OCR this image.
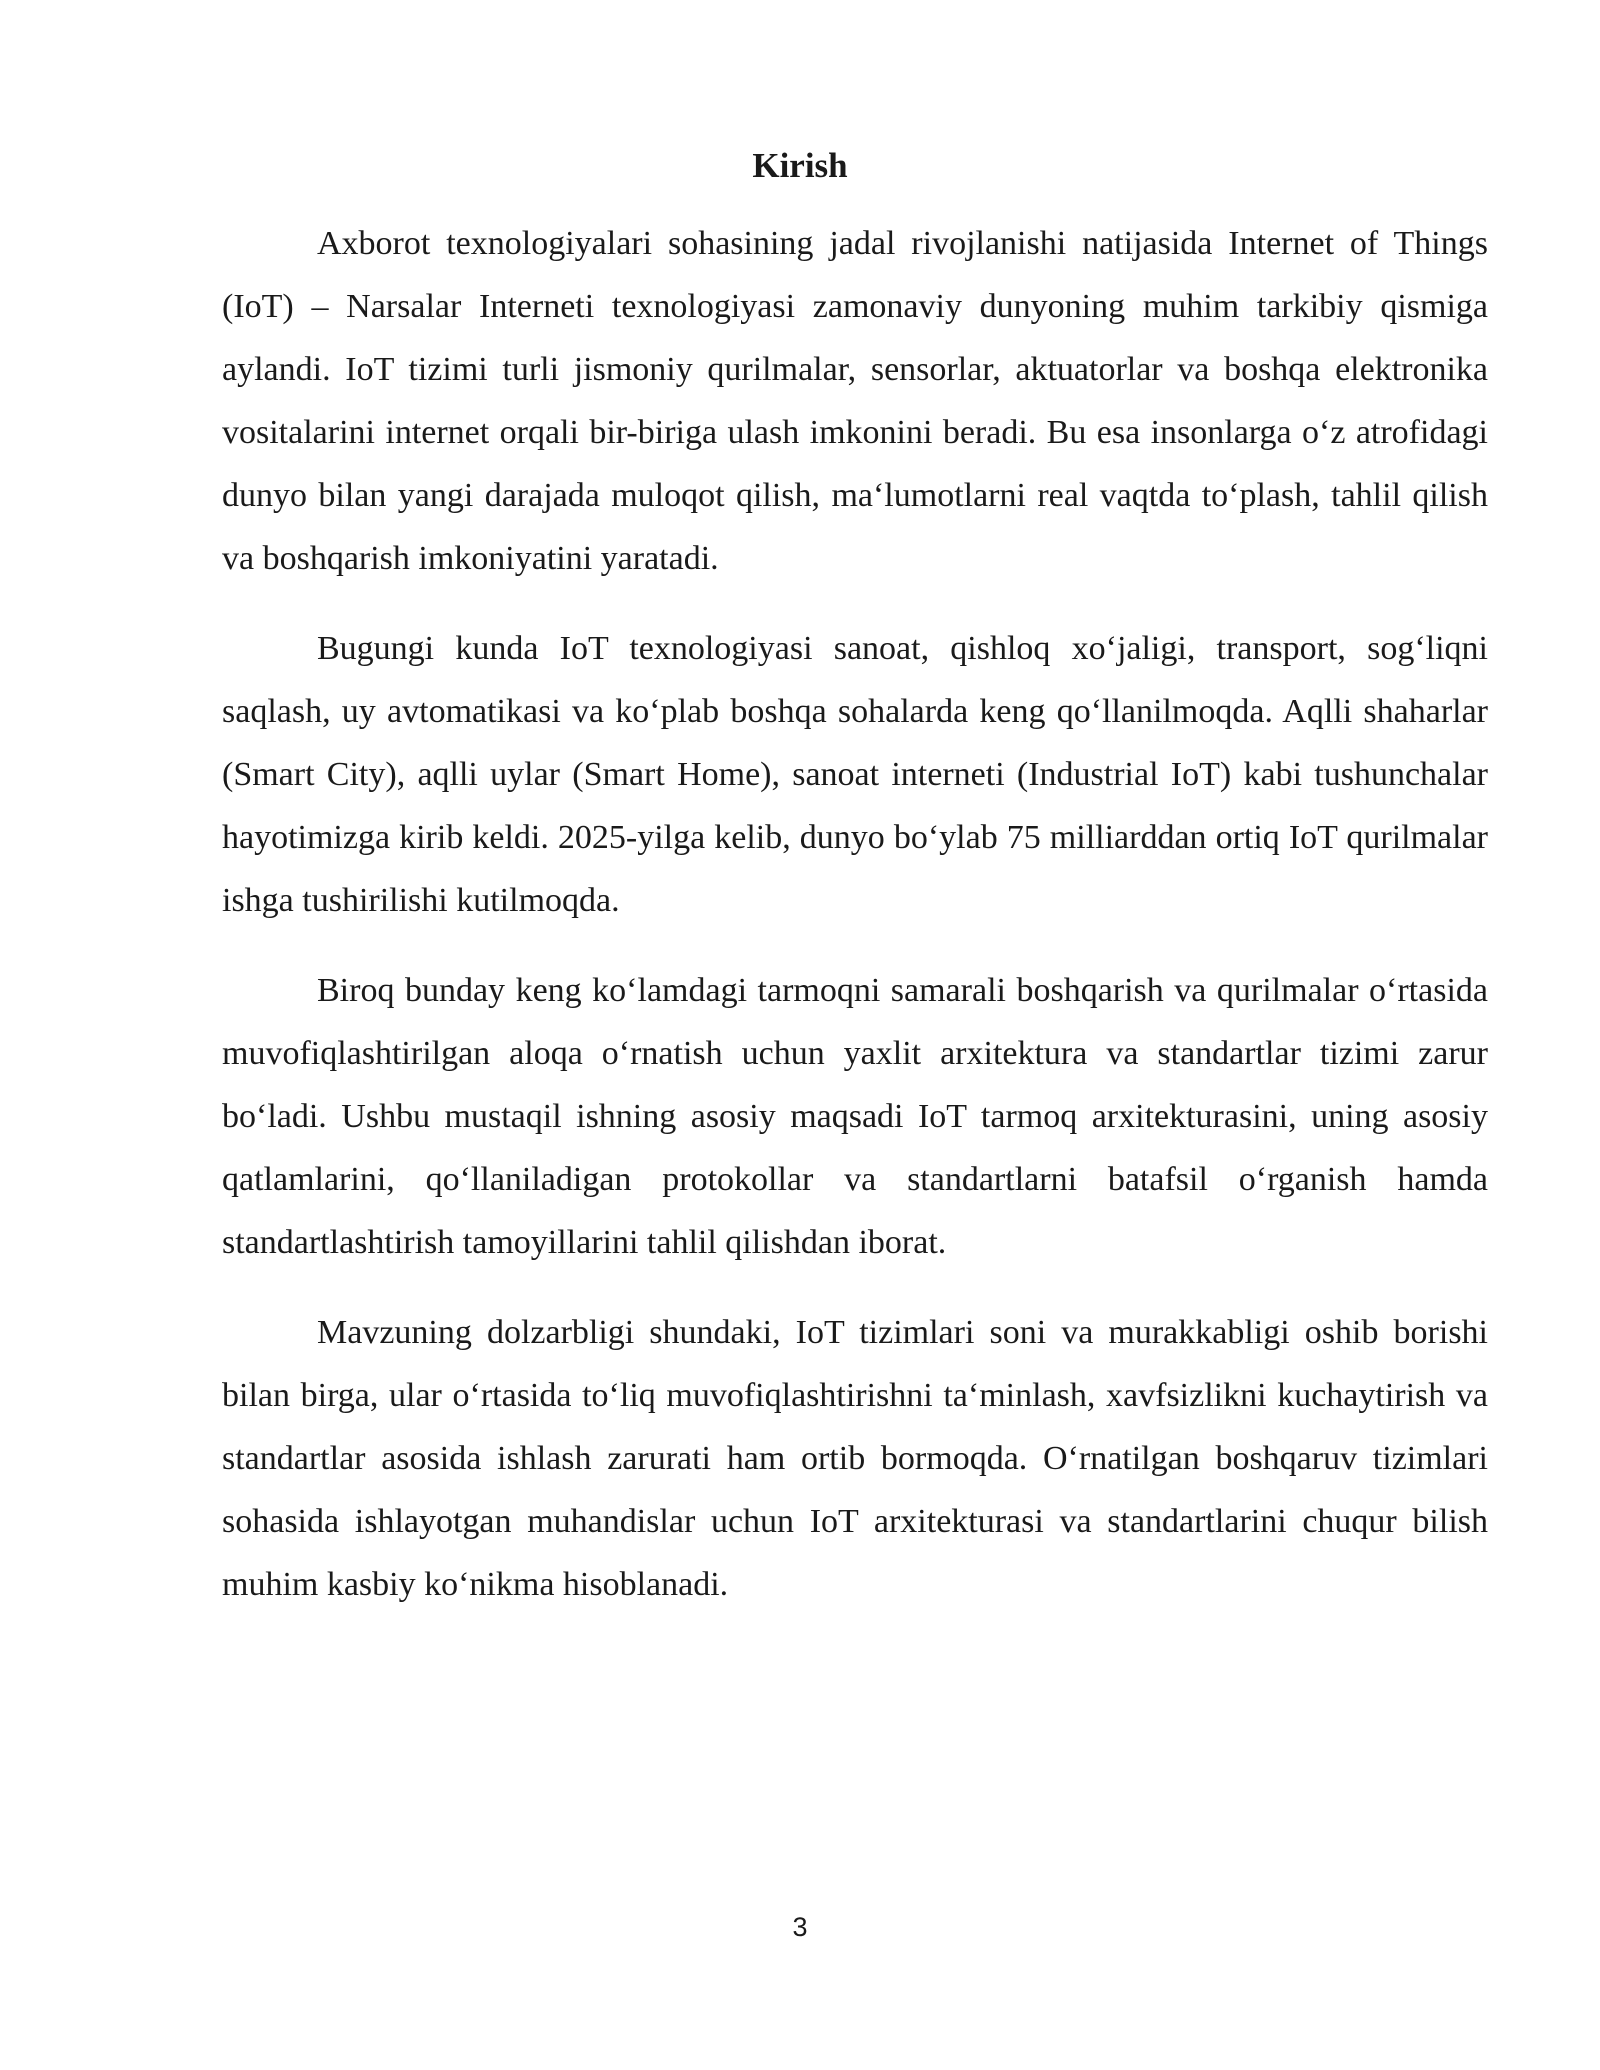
Kirish

Axborot texnologiyalari sohasining jadal rivojlanishi natijasida Internet of Things (IoT) – Narsalar Interneti texnologiyasi zamonaviy dunyoning muhim tarkibiy qismiga aylandi. IoT tizimi turli jismoniy qurilmalar, sensorlar, aktuatorlar va boshqa elektronika vositalarini internet orqali bir-biriga ulash imkonini beradi. Bu esa insonlarga oʻz atrofidagi dunyo bilan yangi darajada muloqot qilish, maʻlumotlarni real vaqtda toʻplash, tahlil qilish va boshqarish imkoniyatini yaratadi.

Bugungi kunda IoT texnologiyasi sanoat, qishloq xoʻjaligi, transport, sogʻliqni saqlash, uy avtomatikasi va koʻplab boshqa sohalarda keng qoʻllanilmoqda. Aqlli shaharlar (Smart City), aqlli uylar (Smart Home), sanoat interneti (Industrial IoT) kabi tushunchalar hayotimizga kirib keldi. 2025-yilga kelib, dunyo boʻylab 75 milliarddan ortiq IoT qurilmalar ishga tushirilishi kutilmoqda.

Biroq bunday keng koʻlamdagi tarmoqni samarali boshqarish va qurilmalar oʻrtasida muvofiqlashtirilgan aloqa oʻrnatish uchun yaxlit arxitektura va standartlar tizimi zarur boʻladi. Ushbu mustaqil ishning asosiy maqsadi IoT tarmoq arxitekturasini, uning asosiy qatlamlarini, qoʻllaniladigan protokollar va standartlarni batafsil oʻrganish hamda standartlashtirish tamoyillarini tahlil qilishdan iborat.

Mavzuning dolzarbligi shundaki, IoT tizimlari soni va murakkabligi oshib borishi bilan birga, ular oʻrtasida toʻliq muvofiqlashtirishni taʻminlash, xavfsizlikni kuchaytirish va standartlar asosida ishlash zarurati ham ortib bormoqda. Oʻrnatilgan boshqaruv tizimlari sohasida ishlayotgan muhandislar uchun IoT arxitekturasi va standartlarini chuqur bilish muhim kasbiy koʻnikma hisoblanadi.

3
